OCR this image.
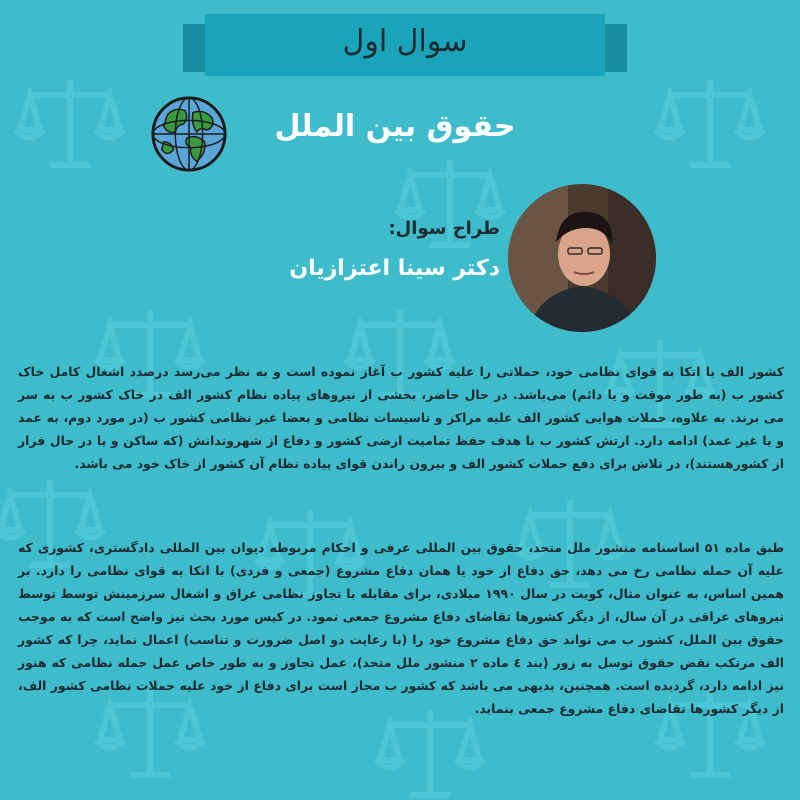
سوال اول
حقوق بین الملل
طراح سوال:
دکتر سینا اعتزازیان

کشور الف با اتکا به قوای نظامی خود، حملاتی را علیه کشور ب آغاز نموده است و به نظر می‌رسد درصدد اشغال کامل خاک کشور ب (به طور موقت و یا دائم) می‌باشد. در حال حاضر، بخشی از نیروهای پیاده نظام کشور الف در خاک کشور ب به سر می برند. به علاوه، حملات هوایی کشور الف علیه مراکز و تاسیسات نظامی و بعضا غیر نظامی کشور ب (در مورد دوم، به عمد و یا غیر عمد) ادامه دارد. ارتش کشور ب با هدف حفظ تمامیت ارضی کشور و دفاع از شهروندانش (که ساکن و یا در حال فرار از کشورهستند)، در تلاش برای دفع حملات کشور الف و بیرون راندن قوای پیاده نظام آن کشور از خاک خود می باشد.

طبق ماده ۵۱ اساسنامه منشور ملل متحد، حقوق بین المللی عرفی و احکام مربوطه دیوان بین المللی دادگستری، کشوری که علیه آن حمله نظامی رخ می دهد، حق دفاع از خود یا همان دفاع مشروع (جمعی و فردی) با اتکا به قوای نظامی را دارد. بر همین اساس، به عنوان مثال، کویت در سال ۱۹۹۰ میلادی، برای مقابله با تجاوز نظامی عراق و اشغال سرزمینش توسط توسط نیروهای عراقی در آن سال، از دیگر کشورها تقاضای دفاع مشروع جمعی نمود. در کیس مورد بحث نیز واضح است که به موجب حقوق بین الملل، کشور ب می تواند حق دفاع مشروع خود را (با رعایت دو اصل ضرورت و تناسب) اعمال نماید، چرا که کشور الف مرتکب نقض حقوق توسل به زور (بند ٤ ماده ٢ منشور ملل متحد)، عمل تجاوز و به طور خاص عمل حمله نظامی که هنوز نیز ادامه دارد، گردیده است. همچنین، بدیهی می باشد که کشور ب مجاز است برای دفاع از خود علیه حملات نظامی کشور الف، از دیگر کشورها تقاضای دفاع مشروع جمعی بنماید.
